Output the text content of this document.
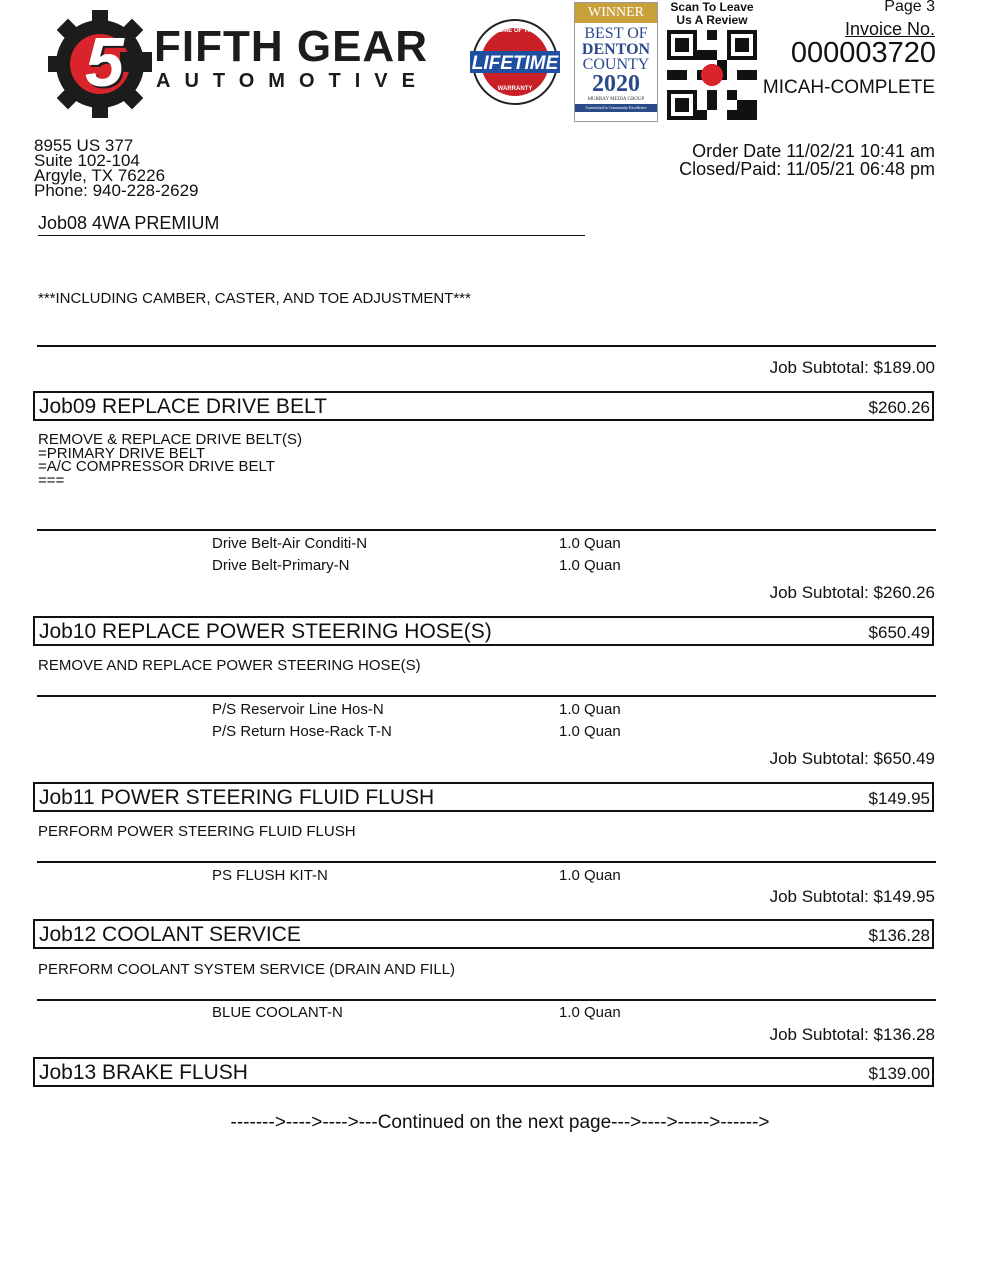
5 FIFTH GEAR
AUTOMOTIVE
HOME OF THE
LIFETIME
WARRANTY
WINNER
BEST OF
DENTON
COUNTY
2020
MURRAY MEDIA GROUP
Committed to Community Excellence
Scan To Leave
Us A Review
Page 3
Invoice No.
000003720
MICAH-COMPLETE
8955 US 377
Suite 102-104
Argyle, TX 76226
Phone: 940-228-2629
Order Date 11/02/21 10:41 am
Closed/Paid: 11/05/21 06:48 pm
Job08 4WA PREMIUM
***INCLUDING CAMBER, CASTER, AND TOE ADJUSTMENT***
Job Subtotal: $189.00
Job09 REPLACE DRIVE BELT	$260.26
REMOVE & REPLACE DRIVE BELT(S)
=PRIMARY DRIVE BELT
=A/C COMPRESSOR DRIVE BELT
===
Drive Belt-Air Conditi-N	1.0 Quan
Drive Belt-Primary-N	1.0 Quan
Job Subtotal: $260.26
Job10 REPLACE POWER STEERING HOSE(S)	$650.49
REMOVE AND REPLACE POWER STEERING HOSE(S)
P/S Reservoir Line Hos-N	1.0 Quan
P/S Return Hose-Rack T-N	1.0 Quan
Job Subtotal: $650.49
Job11 POWER STEERING FLUID FLUSH	$149.95
PERFORM POWER STEERING FLUID FLUSH
PS FLUSH KIT-N	1.0 Quan
Job Subtotal: $149.95
Job12 COOLANT SERVICE	$136.28
PERFORM COOLANT SYSTEM SERVICE (DRAIN AND FILL)
BLUE COOLANT-N	1.0 Quan
Job Subtotal: $136.28
Job13 BRAKE FLUSH	$139.00
------->---->---->---Continued on the next page--->---->----->------>
